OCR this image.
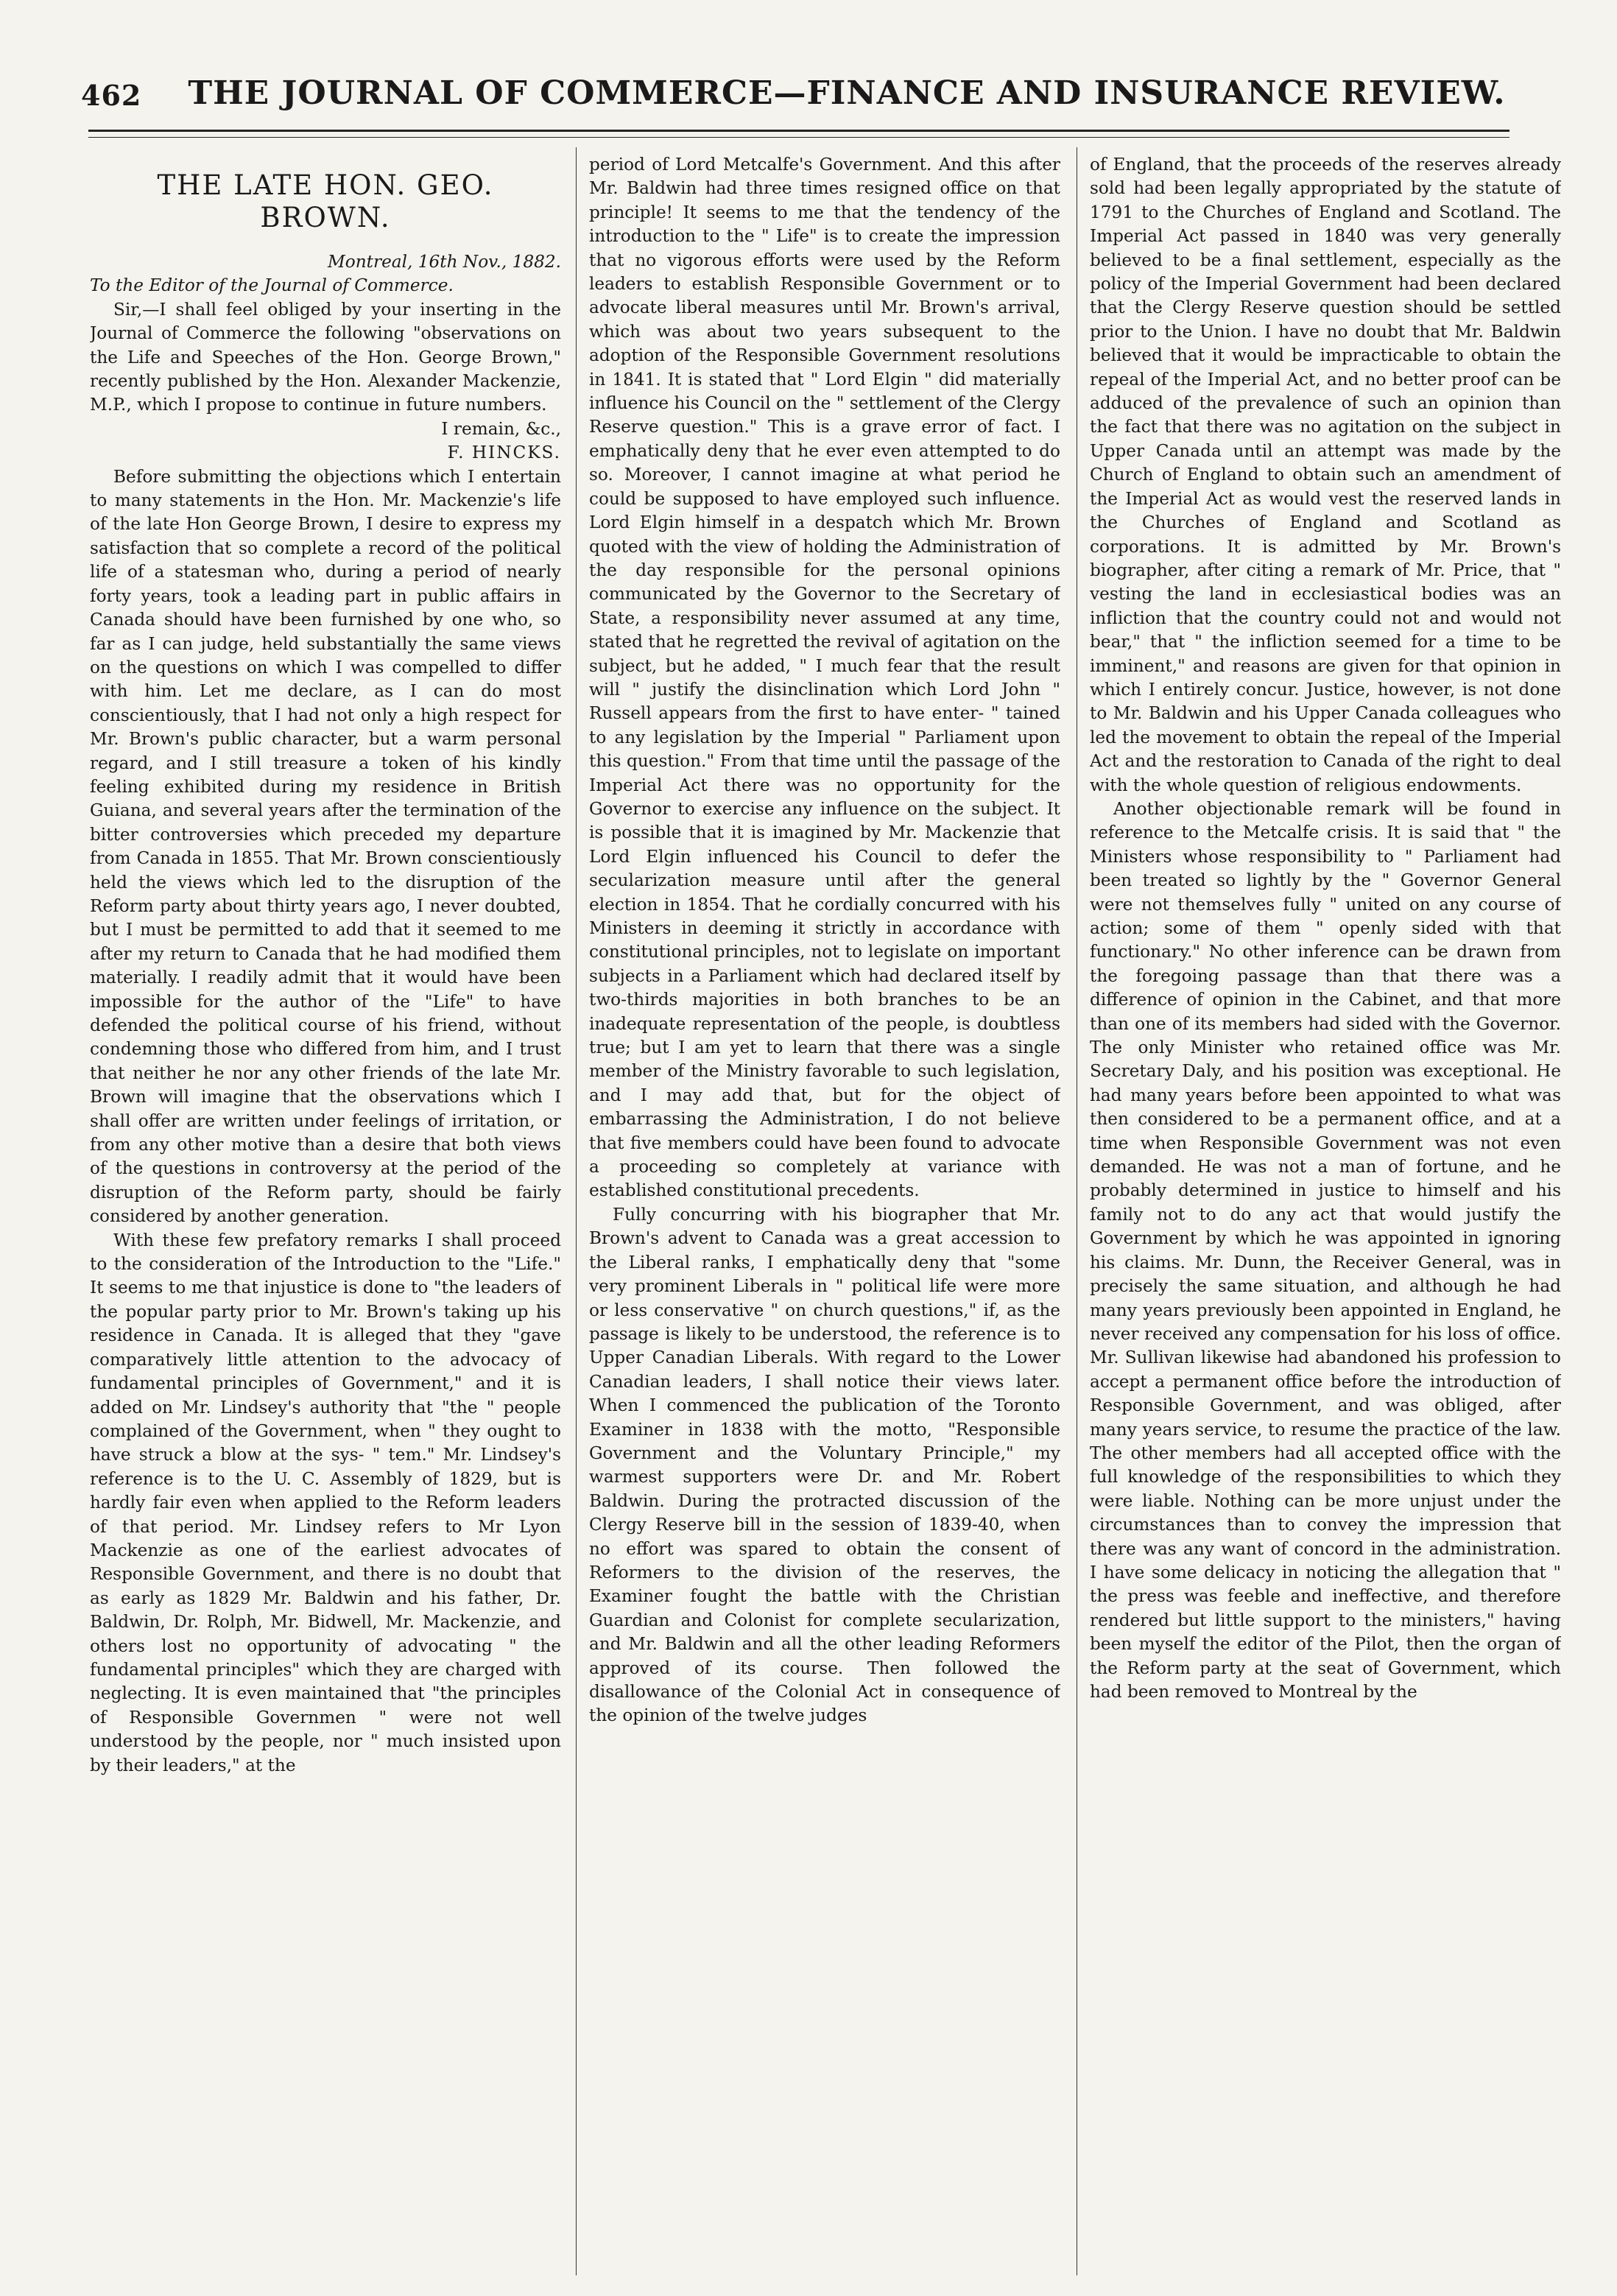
462	THE JOURNAL OF COMMERCE—FINANCE AND INSURANCE REVIEW.
THE LATE HON. GEO. BROWN.

Montreal, 16th Nov., 1882.

To the Editor of the Journal of Commerce.

Sir,—I shall feel obliged by your inserting in the Journal of Commerce the following "observations on the Life and Speeches of the Hon. George Brown," recently published by the Hon. Alexander Mackenzie, M.P., which I propose to continue in future numbers.

I remain, &c.,

F. HINCKS.

Before submitting the objections which I entertain to many statements in the Hon. Mr. Mackenzie's life of the late Hon George Brown, I desire to express my satisfaction that so complete a record of the political life of a statesman who, during a period of nearly forty years, took a leading part in public affairs in Canada should have been furnished by one who, so far as I can judge, held substantially the same views on the questions on which I was compelled to differ with him. Let me declare, as I can do most conscientiously, that I had not only a high respect for Mr. Brown's public character, but a warm personal regard, and I still treasure a token of his kindly feeling exhibited during my residence in British Guiana, and several years after the termination of the bitter controversies which preceded my departure from Canada in 1855. That Mr. Brown conscientiously held the views which led to the disruption of the Reform party about thirty years ago, I never doubted, but I must be permitted to add that it seemed to me after my return to Canada that he had modified them materially. I readily admit that it would have been impossible for the author of the "Life" to have defended the political course of his friend, without condemning those who differed from him, and I trust that neither he nor any other friends of the late Mr. Brown will imagine that the observations which I shall offer are written under feelings of irritation, or from any other motive than a desire that both views of the questions in controversy at the period of the disruption of the Reform party, should be fairly considered by another generation.

With these few prefatory remarks I shall proceed to the consideration of the Introduction to the "Life." It seems to me that injustice is done to "the leaders of the popular party prior to Mr. Brown's taking up his residence in Canada. It is alleged that they "gave comparatively little attention to the advocacy of fundamental principles of Government," and it is added on Mr. Lindsey's authority that "the " people complained of the Government, when " they ought to have struck a blow at the sys- " tem." Mr. Lindsey's reference is to the U. C. Assembly of 1829, but is hardly fair even when applied to the Reform leaders of that period. Mr. Lindsey refers to Mr Lyon Mackenzie as one of the earliest advocates of Responsible Government, and there is no doubt that as early as 1829 Mr. Baldwin and his father, Dr. Baldwin, Dr. Rolph, Mr. Bidwell, Mr. Mackenzie, and others lost no opportunity of advocating " the fundamental principles" which they are charged with neglecting. It is even maintained that "the principles of Responsible Governmen " were not well understood by the people, nor " much insisted upon by their leaders," at the

period of Lord Metcalfe's Government. And this after Mr. Baldwin had three times resigned office on that principle! It seems to me that the tendency of the introduction to the " Life" is to create the impression that no vigorous efforts were used by the Reform leaders to establish Responsible Government or to advocate liberal measures until Mr. Brown's arrival, which was about two years subsequent to the adoption of the Responsible Government resolutions in 1841. It is stated that " Lord Elgin " did materially influence his Council on the " settlement of the Clergy Reserve question." This is a grave error of fact. I emphatically deny that he ever even attempted to do so. Moreover, I cannot imagine at what period he could be supposed to have employed such influence. Lord Elgin himself in a despatch which Mr. Brown quoted with the view of holding the Administration of the day responsible for the personal opinions communicated by the Governor to the Secretary of State, a responsibility never assumed at any time, stated that he regretted the revival of agitation on the subject, but he added, " I much fear that the result will " justify the disinclination which Lord John " Russell appears from the first to have enter- " tained to any legislation by the Imperial " Parliament upon this question." From that time until the passage of the Imperial Act there was no opportunity for the Governor to exercise any influence on the subject. It is possible that it is imagined by Mr. Mackenzie that Lord Elgin influenced his Council to defer the secularization measure until after the general election in 1854. That he cordially concurred with his Ministers in deeming it strictly in accordance with constitutional principles, not to legislate on important subjects in a Parliament which had declared itself by two-thirds majorities in both branches to be an inadequate representation of the people, is doubtless true; but I am yet to learn that there was a single member of the Ministry favorable to such legislation, and I may add that, but for the object of embarrassing the Administration, I do not believe that five members could have been found to advocate a proceeding so completely at variance with established constitutional precedents.

Fully concurring with his biographer that Mr. Brown's advent to Canada was a great accession to the Liberal ranks, I emphatically deny that "some very prominent Liberals in " political life were more or less conservative " on church questions," if, as the passage is likely to be understood, the reference is to Upper Canadian Liberals. With regard to the Lower Canadian leaders, I shall notice their views later. When I commenced the publication of the Toronto Examiner in 1838 with the motto, "Responsible Government and the Voluntary Principle," my warmest supporters were Dr. and Mr. Robert Baldwin. During the protracted discussion of the Clergy Reserve bill in the session of 1839-40, when no effort was spared to obtain the consent of Reformers to the division of the reserves, the Examiner fought the battle with the Christian Guardian and Colonist for complete secularization, and Mr. Baldwin and all the other leading Reformers approved of its course. Then followed the disallowance of the Colonial Act in consequence of the opinion of the twelve judges

of England, that the proceeds of the reserves already sold had been legally appropriated by the statute of 1791 to the Churches of England and Scotland. The Imperial Act passed in 1840 was very generally believed to be a final settlement, especially as the policy of the Imperial Government had been declared that the Clergy Reserve question should be settled prior to the Union. I have no doubt that Mr. Baldwin believed that it would be impracticable to obtain the repeal of the Imperial Act, and no better proof can be adduced of the prevalence of such an opinion than the fact that there was no agitation on the subject in Upper Canada until an attempt was made by the Church of England to obtain such an amendment of the Imperial Act as would vest the reserved lands in the Churches of England and Scotland as corporations. It is admitted by Mr. Brown's biographer, after citing a remark of Mr. Price, that " vesting the land in ecclesiastical bodies was an infliction that the country could not and would not bear," that " the infliction seemed for a time to be imminent," and reasons are given for that opinion in which I entirely concur. Justice, however, is not done to Mr. Baldwin and his Upper Canada colleagues who led the movement to obtain the repeal of the Imperial Act and the restoration to Canada of the right to deal with the whole question of religious endowments.

Another objectionable remark will be found in reference to the Metcalfe crisis. It is said that " the Ministers whose responsibility to " Parliament had been treated so lightly by the " Governor General were not themselves fully " united on any course of action; some of them " openly sided with that functionary." No other inference can be drawn from the foregoing passage than that there was a difference of opinion in the Cabinet, and that more than one of its members had sided with the Governor. The only Minister who retained office was Mr. Secretary Daly, and his position was exceptional. He had many years before been appointed to what was then considered to be a permanent office, and at a time when Responsible Government was not even demanded. He was not a man of fortune, and he probably determined in justice to himself and his family not to do any act that would justify the Government by which he was appointed in ignoring his claims. Mr. Dunn, the Receiver General, was in precisely the same situation, and although he had many years previously been appointed in England, he never received any compensation for his loss of office. Mr. Sullivan likewise had abandoned his profession to accept a permanent office before the introduction of Responsible Government, and was obliged, after many years service, to resume the practice of the law. The other members had all accepted office with the full knowledge of the responsibilities to which they were liable. Nothing can be more unjust under the circumstances than to convey the impression that there was any want of concord in the administration. I have some delicacy in noticing the allegation that " the press was feeble and ineffective, and therefore rendered but little support to the ministers," having been myself the editor of the Pilot, then the organ of the Reform party at the seat of Government, which had been removed to Montreal by the
